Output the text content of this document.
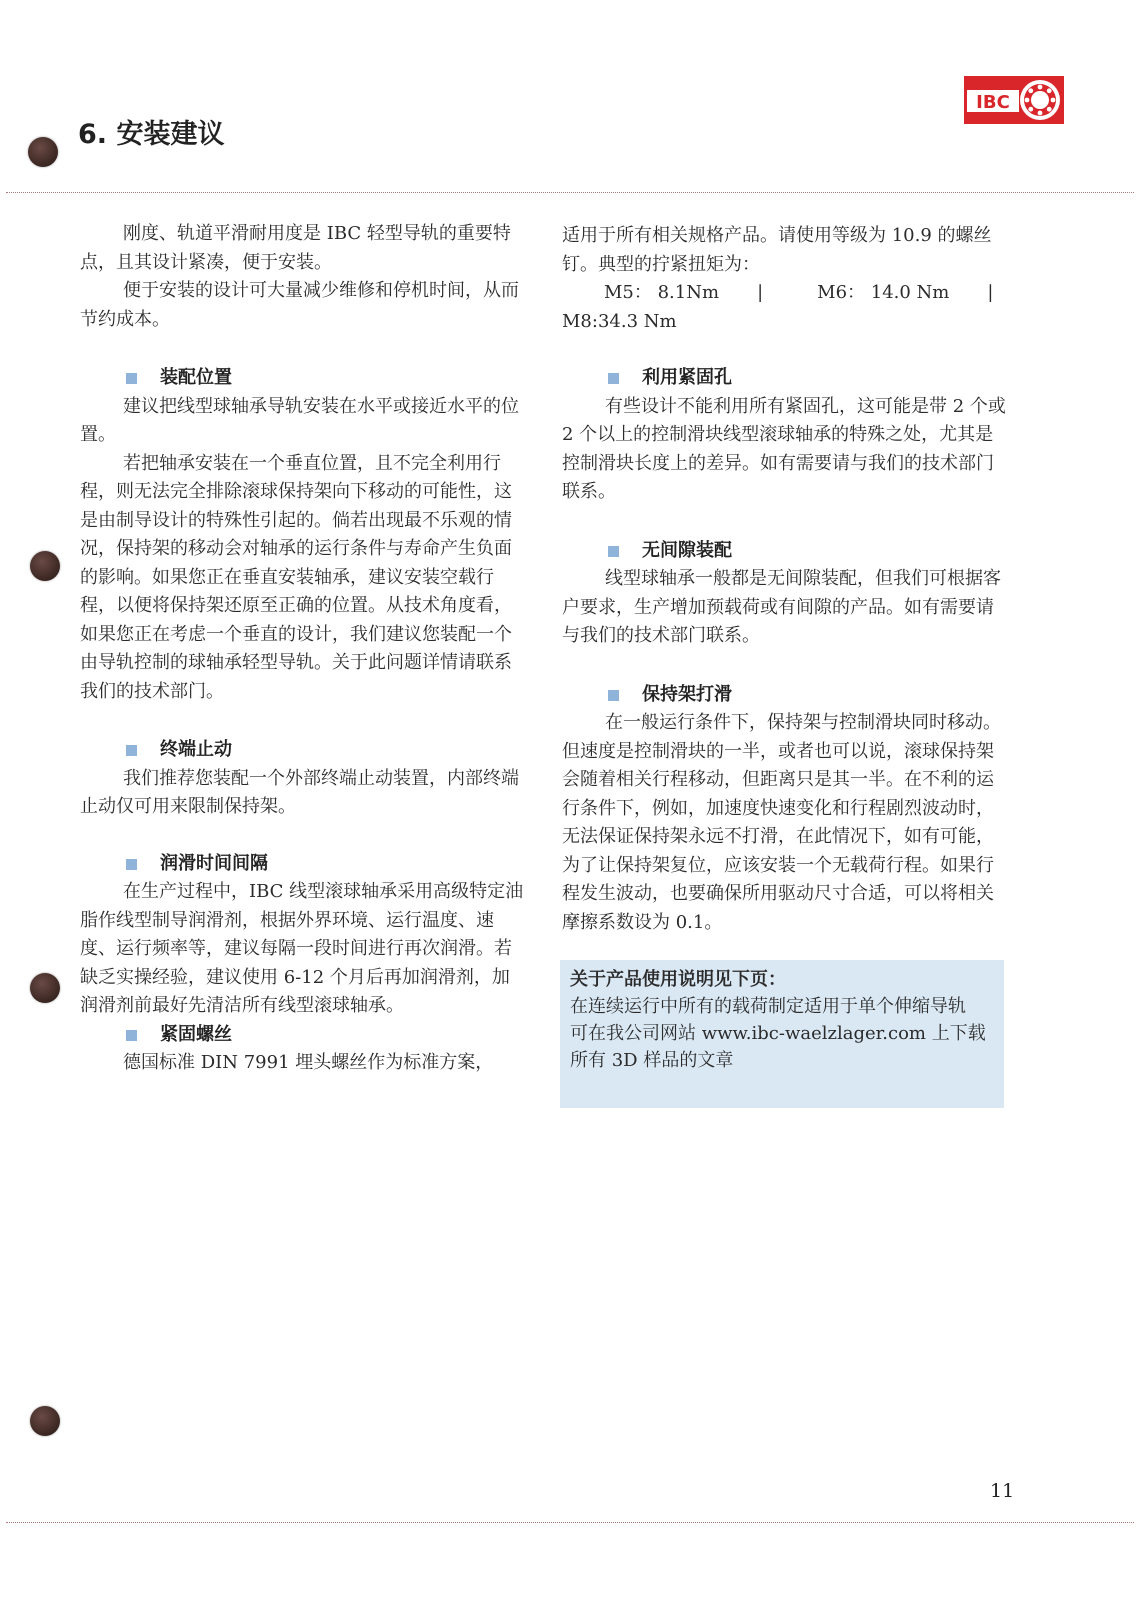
6. 安装建议
IBC

刚度、轨道平滑耐用度是 IBC 轻型导轨的重要特点，且其设计紧凑，便于安装。

便于安装的设计可大量减少维修和停机时间，从而节约成本。

装配位置

建议把线型球轴承导轨安装在水平或接近水平的位置。

若把轴承安装在一个垂直位置，且不完全利用行程，则无法完全排除滚球保持架向下移动的可能性，这是由制导设计的特殊性引起的。倘若出现最不乐观的情况，保持架的移动会对轴承的运行条件与寿命产生负面的影响。如果您正在垂直安装轴承，建议安装空载行程，以便将保持架还原至正确的位置。从技术角度看，如果您正在考虑一个垂直的设计，我们建议您装配一个由导轨控制的球轴承轻型导轨。关于此问题详情请联系我们的技术部门。

终端止动

我们推荐您装配一个外部终端止动装置，内部终端止动仅可用来限制保持架。

润滑时间间隔

在生产过程中，IBC 线型滚球轴承采用高级特定油脂作线型制导润滑剂，根据外界环境、运行温度、速度、运行频率等，建议每隔一段时间进行再次润滑。若缺乏实操经验，建议使用 6-12 个月后再加润滑剂，加润滑剂前最好先清洁所有线型滚球轴承。

紧固螺丝

德国标准 DIN 7991 埋头螺丝作为标准方案，

适用于所有相关规格产品。请使用等级为 10.9 的螺丝钉。典型的拧紧扭矩为：

M5： 8.1Nm |	M6： 14.0 Nm |

M8:34.3 Nm

利用紧固孔

有些设计不能利用所有紧固孔，这可能是带 2 个或 2 个以上的控制滑块线型滚球轴承的特殊之处，尤其是控制滑块长度上的差异。如有需要请与我们的技术部门联系。

无间隙装配

线型球轴承一般都是无间隙装配，但我们可根据客户要求，生产增加预载荷或有间隙的产品。如有需要请与我们的技术部门联系。

保持架打滑

在一般运行条件下，保持架与控制滑块同时移动。但速度是控制滑块的一半，或者也可以说，滚球保持架会随着相关行程移动，但距离只是其一半。在不利的运行条件下，例如，加速度快速变化和行程剧烈波动时，无法保证保持架永远不打滑，在此情况下，如有可能，为了让保持架复位，应该安装一个无载荷行程。如果行程发生波动，也要确保所用驱动尺寸合适，可以将相关摩擦系数设为 0.1。

关于产品使用说明见下页：
在连续运行中所有的载荷制定适用于单个伸缩导轨
可在我公司网站 www.ibc-waelzlager.com 上下载所有 3D 样品的文章
11
